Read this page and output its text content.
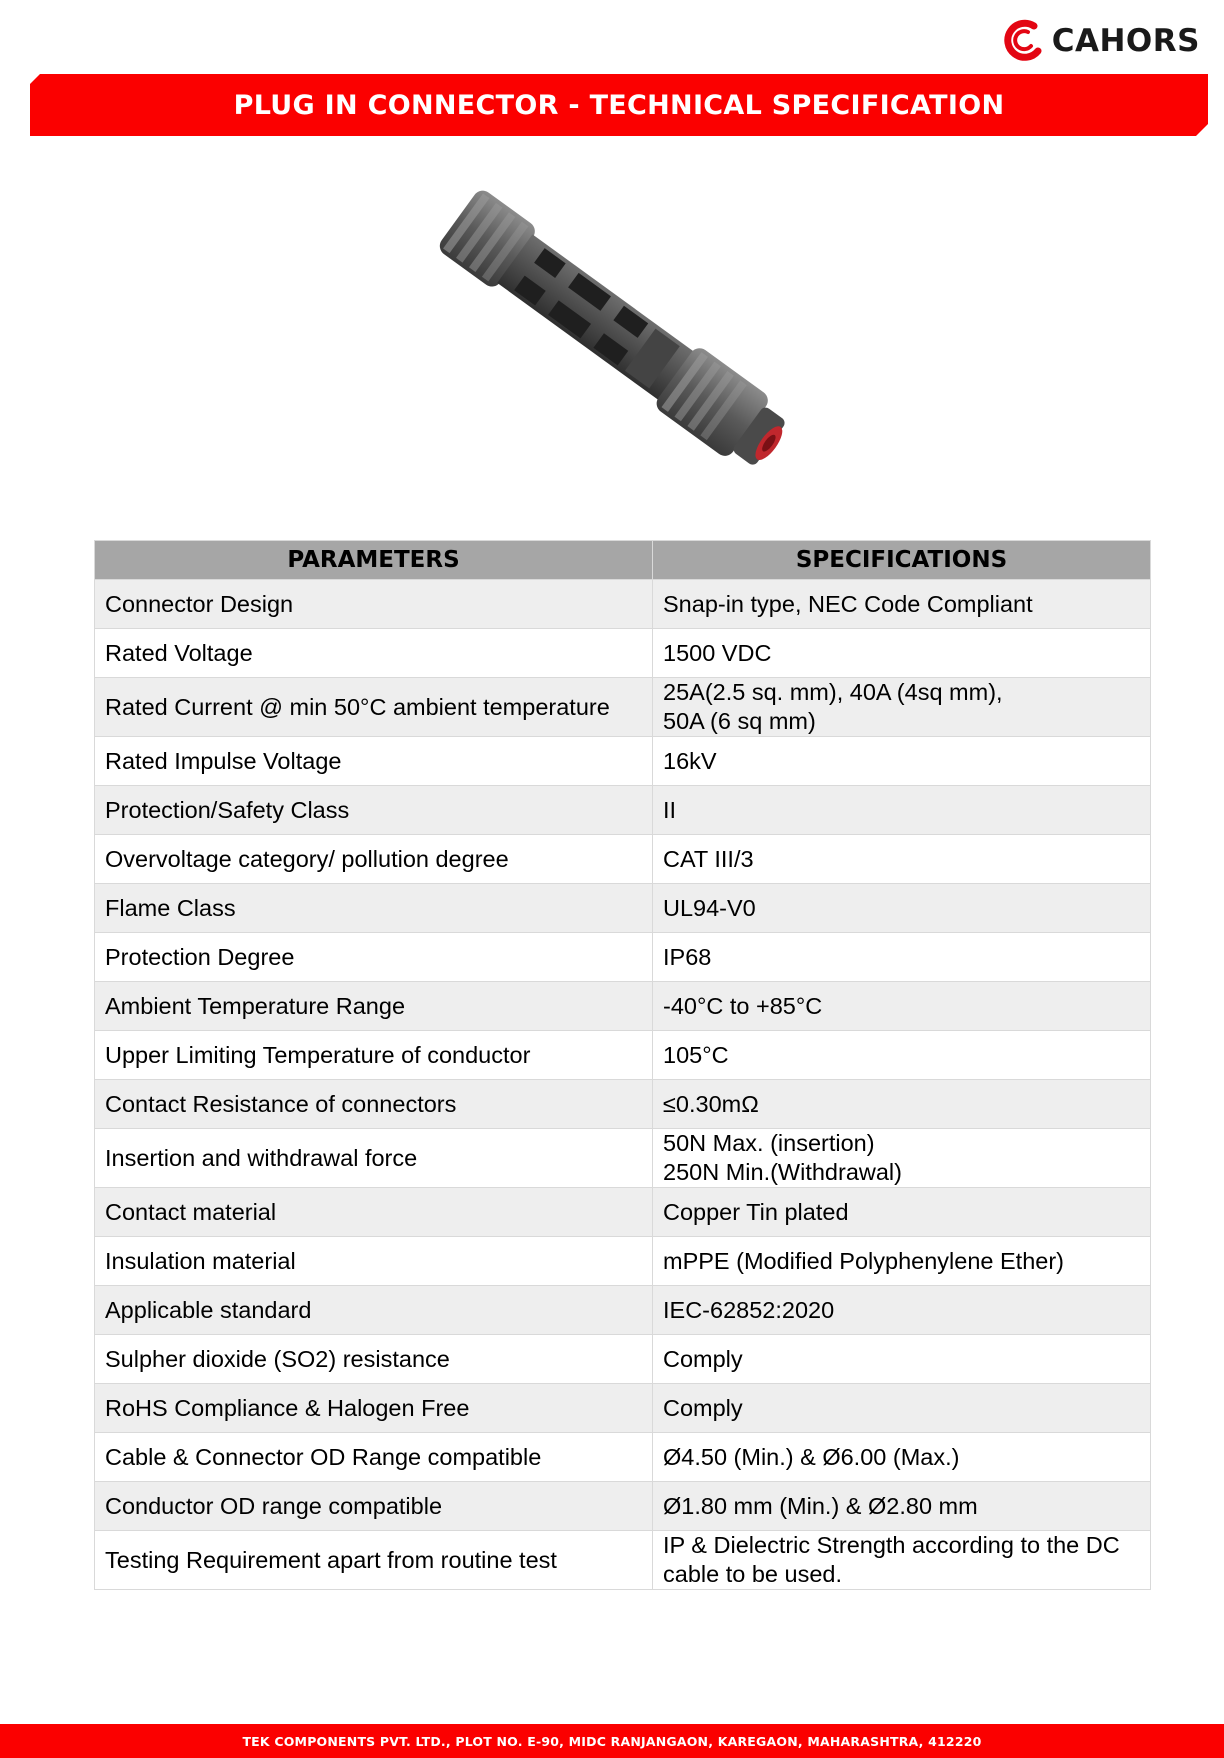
CAHORS
PLUG IN CONNECTOR - TECHNICAL SPECIFICATION
PARAMETERS	SPECIFICATIONS
Connector Design	Snap-in type, NEC Code Compliant
Rated Voltage	1500 VDC
Rated Current @ min 50°C ambient temperature	25A(2.5 sq. mm), 40A (4sq mm),
50A (6 sq mm)
Rated Impulse Voltage	16kV
Protection/Safety Class	II
Overvoltage category/ pollution degree	CAT III/3
Flame Class	UL94-V0
Protection Degree	IP68
Ambient Temperature Range	-40°C to +85°C
Upper Limiting Temperature of conductor	105°C
Contact Resistance of connectors	≤0.30mΩ
Insertion and withdrawal force	50N Max. (insertion)
250N Min.(Withdrawal)
Contact material	Copper Tin plated
Insulation material	mPPE (Modified Polyphenylene Ether)
Applicable standard	IEC-62852:2020
Sulpher dioxide (SO2) resistance	Comply
RoHS Compliance & Halogen Free	Comply
Cable & Connector OD Range compatible	Ø4.50 (Min.) & Ø6.00 (Max.)
Conductor OD range compatible	Ø1.80 mm (Min.) & Ø2.80 mm
Testing Requirement apart from routine test	IP & Dielectric Strength according to the DC cable to be used.
TEK COMPONENTS PVT. LTD., PLOT NO. E-90, MIDC RANJANGAON, KAREGAON, MAHARASHTRA, 412220
